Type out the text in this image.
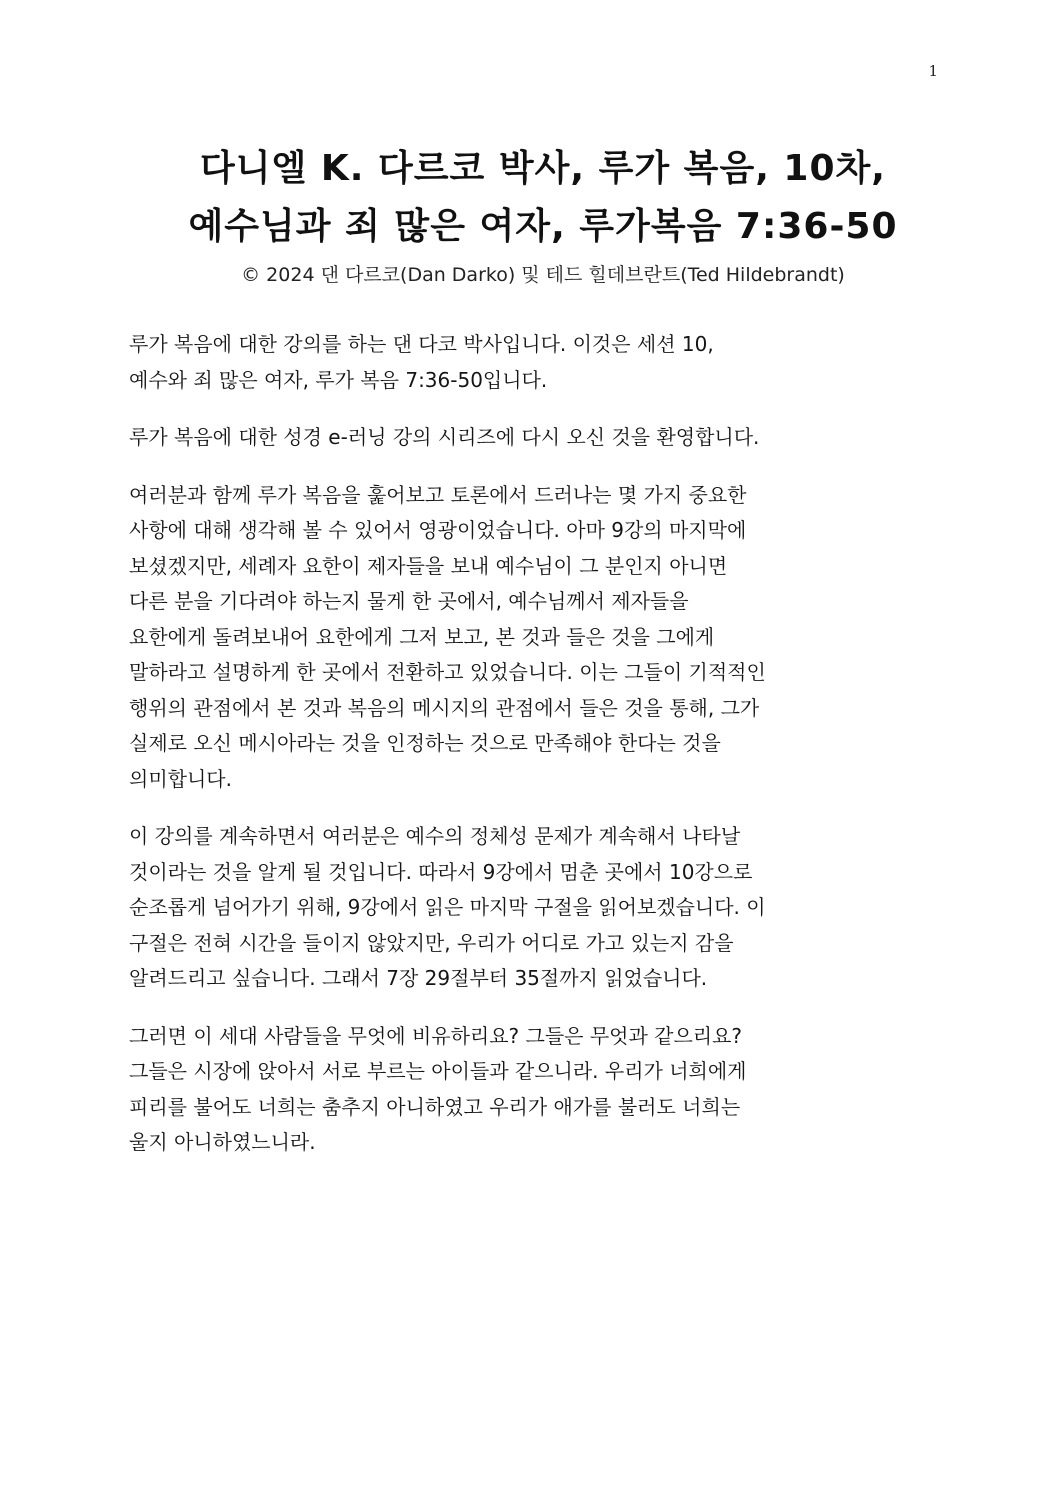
1
다니엘 K. 다르코 박사, 루가 복음, 10차,
예수님과 죄 많은 여자, 루가복음 7:36-50
© 2024 댄 다르코(Dan Darko) 및 테드 힐데브란트(Ted Hildebrandt)
루가 복음에 대한 강의를 하는 댄 다코 박사입니다. 이것은 세션 10,
예수와 죄 많은 여자, 루가 복음 7:36-50입니다.
루가 복음에 대한 성경 e-러닝 강의 시리즈에 다시 오신 것을 환영합니다.
여러분과 함께 루가 복음을 훑어보고 토론에서 드러나는 몇 가지 중요한
사항에 대해 생각해 볼 수 있어서 영광이었습니다. 아마 9강의 마지막에
보셨겠지만, 세례자 요한이 제자들을 보내 예수님이 그 분인지 아니면
다른 분을 기다려야 하는지 물게 한 곳에서, 예수님께서 제자들을
요한에게 돌려보내어 요한에게 그저 보고, 본 것과 들은 것을 그에게
말하라고 설명하게 한 곳에서 전환하고 있었습니다. 이는 그들이 기적적인
행위의 관점에서 본 것과 복음의 메시지의 관점에서 들은 것을 통해, 그가
실제로 오신 메시아라는 것을 인정하는 것으로 만족해야 한다는 것을
의미합니다.
이 강의를 계속하면서 여러분은 예수의 정체성 문제가 계속해서 나타날
것이라는 것을 알게 될 것입니다. 따라서 9강에서 멈춘 곳에서 10강으로
순조롭게 넘어가기 위해, 9강에서 읽은 마지막 구절을 읽어보겠습니다. 이
구절은 전혀 시간을 들이지 않았지만, 우리가 어디로 가고 있는지 감을
알려드리고 싶습니다. 그래서 7장 29절부터 35절까지 읽었습니다.
그러면 이 세대 사람들을 무엇에 비유하리요? 그들은 무엇과 같으리요?
그들은 시장에 앉아서 서로 부르는 아이들과 같으니라. 우리가 너희에게
피리를 불어도 너희는 춤추지 아니하였고 우리가 애가를 불러도 너희는
울지 아니하였느니라.
